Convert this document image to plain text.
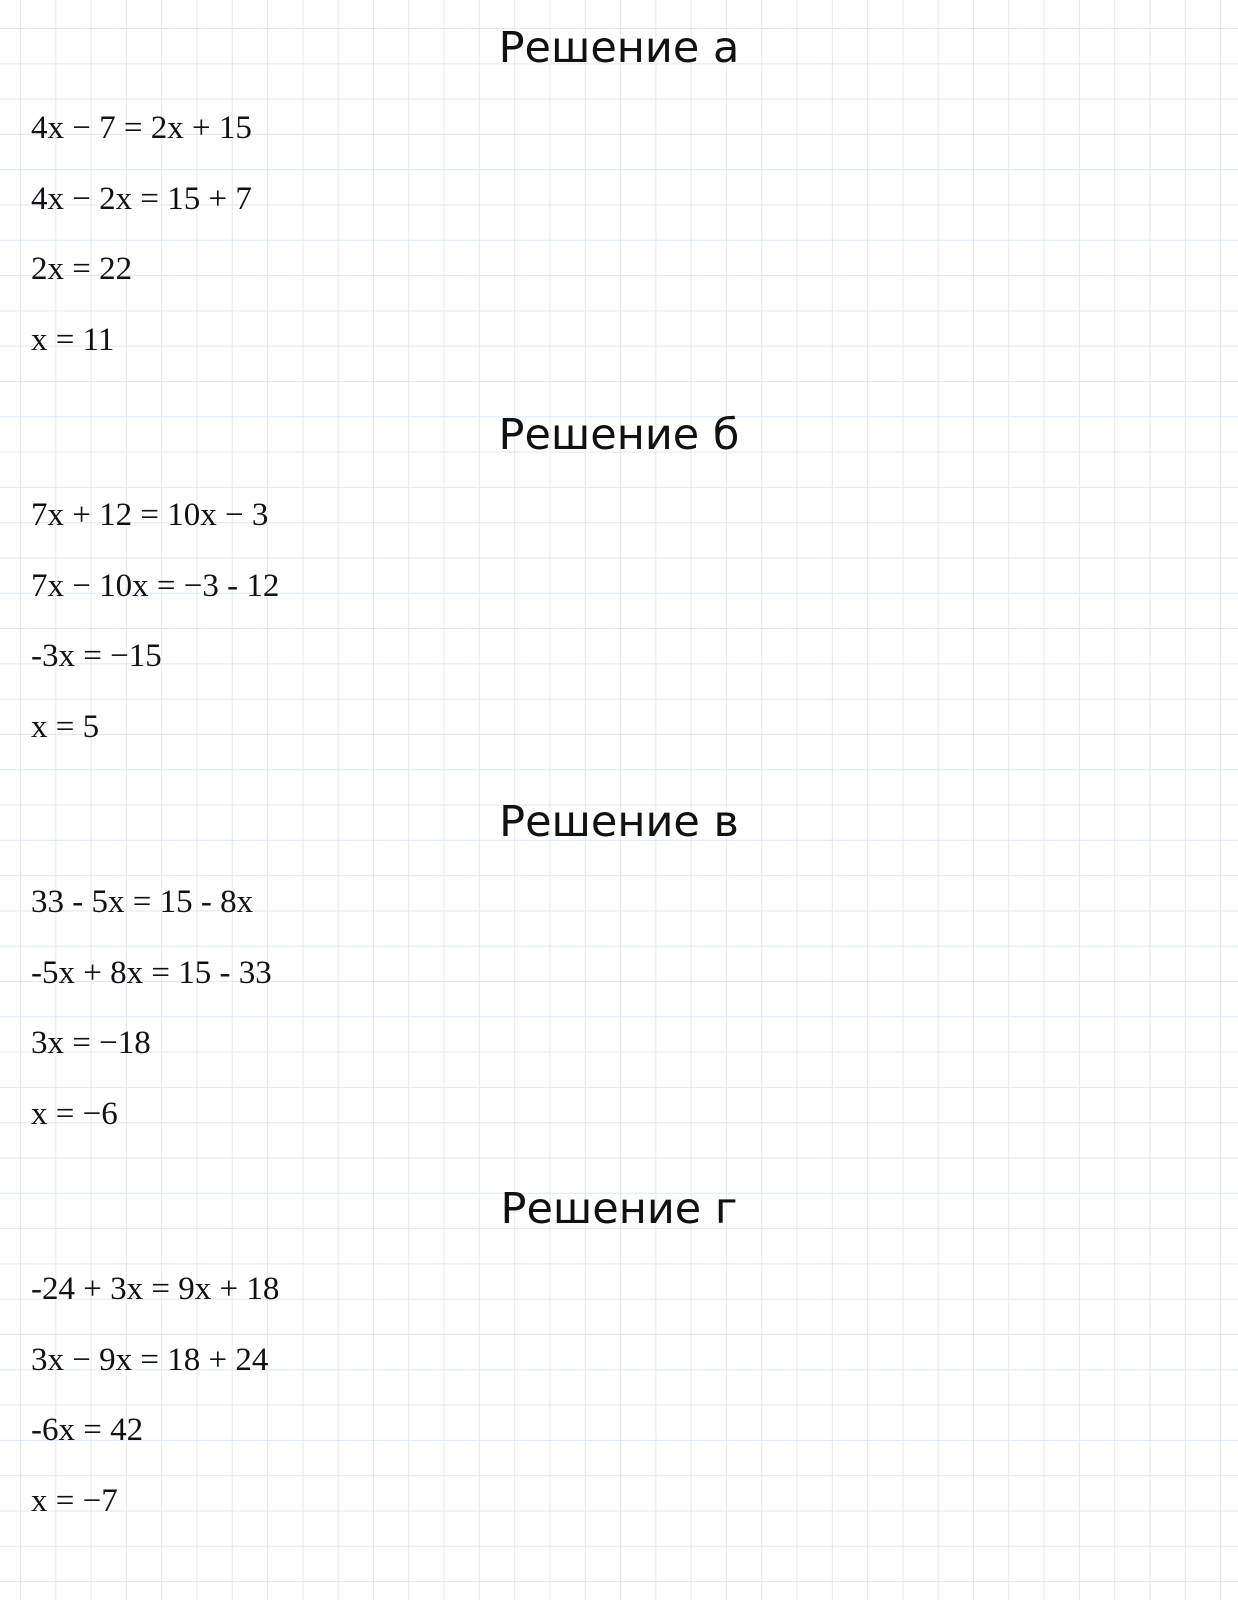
Решение а
4x − 7 = 2x + 15
4x − 2x = 15 + 7
2x = 22
x = 11
Решение б
7x + 12 = 10x − 3
7x − 10x = −3 - 12
-3x = −15
x = 5
Решение в
33 - 5x = 15 - 8x
-5x + 8x = 15 - 33
3x = −18
x = −6
Решение г
-24 + 3x = 9x + 18
3x − 9x = 18 + 24
-6x = 42
x = −7
